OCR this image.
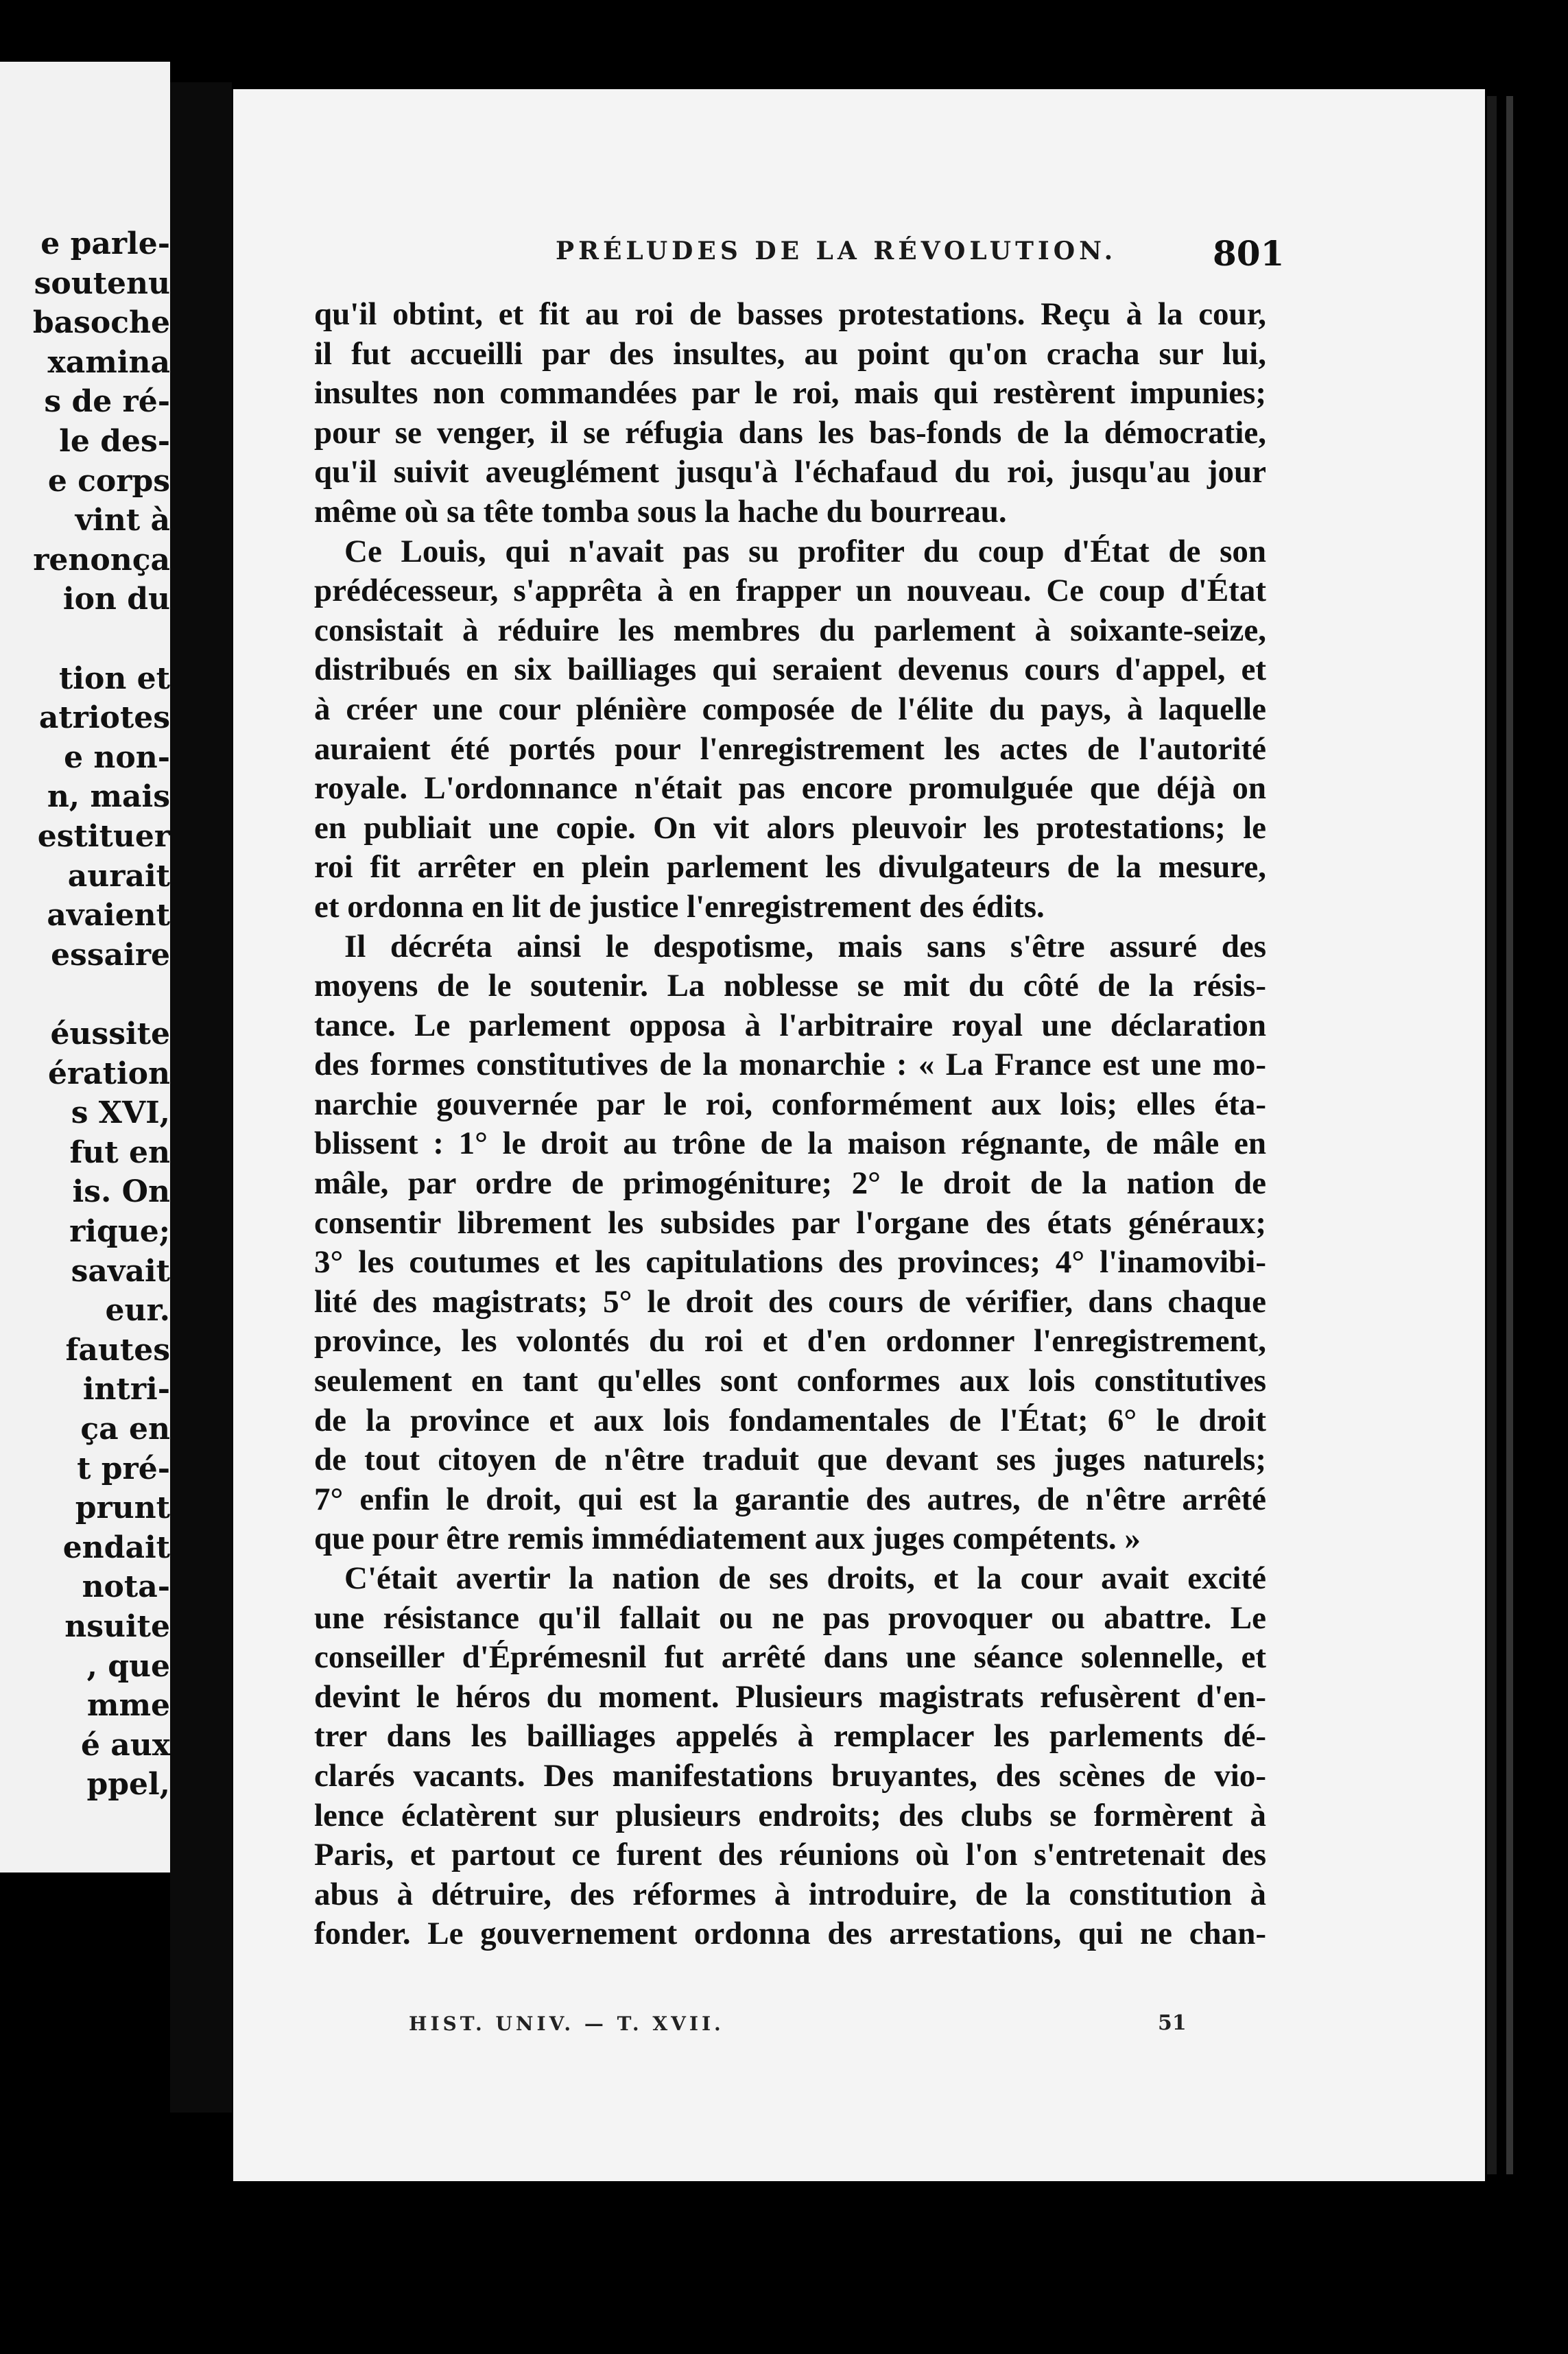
e parle-
soutenu
basoche
xamina
s de ré-
le des-
e corps
vint à
renonça
ion du
tion et
atriotes
e non-
n, mais
estituer
aurait
avaient
essaire
éussite
ération
s XVI,
fut en
is. On
rique;
savait
eur.
fautes
intri-
ça en
t pré-
prunt
endait
nota-
nsuite
, que
mme
é aux
ppel,
PRÉLUDES DE LA RÉVOLUTION.	801
qu'il obtint, et fit au roi de basses protestations. Reçu à la cour,
il fut accueilli par des insultes, au point qu'on cracha sur lui,
insultes non commandées par le roi, mais qui restèrent impunies;
pour se venger, il se réfugia dans les bas-fonds de la démocratie,
qu'il suivit aveuglément jusqu'à l'échafaud du roi, jusqu'au jour
même où sa tête tomba sous la hache du bourreau.
Ce Louis, qui n'avait pas su profiter du coup d'État de son
prédécesseur, s'apprêta à en frapper un nouveau. Ce coup d'État
consistait à réduire les membres du parlement à soixante-seize,
distribués en six bailliages qui seraient devenus cours d'appel, et
à créer une cour plénière composée de l'élite du pays, à laquelle
auraient été portés pour l'enregistrement les actes de l'autorité
royale. L'ordonnance n'était pas encore promulguée que déjà on
en publiait une copie. On vit alors pleuvoir les protestations; le
roi fit arrêter en plein parlement les divulgateurs de la mesure,
et ordonna en lit de justice l'enregistrement des édits.
Il décréta ainsi le despotisme, mais sans s'être assuré des
moyens de le soutenir. La noblesse se mit du côté de la résis-
tance. Le parlement opposa à l'arbitraire royal une déclaration
des formes constitutives de la monarchie : « La France est une mo-
narchie gouvernée par le roi, conformément aux lois; elles éta-
blissent : 1° le droit au trône de la maison régnante, de mâle en
mâle, par ordre de primogéniture; 2° le droit de la nation de
consentir librement les subsides par l'organe des états généraux;
3° les coutumes et les capitulations des provinces; 4° l'inamovibi-
lité des magistrats; 5° le droit des cours de vérifier, dans chaque
province, les volontés du roi et d'en ordonner l'enregistrement,
seulement en tant qu'elles sont conformes aux lois constitutives
de la province et aux lois fondamentales de l'État; 6° le droit
de tout citoyen de n'être traduit que devant ses juges naturels;
7° enfin le droit, qui est la garantie des autres, de n'être arrêté
que pour être remis immédiatement aux juges compétents. »
C'était avertir la nation de ses droits, et la cour avait excité
une résistance qu'il fallait ou ne pas provoquer ou abattre. Le
conseiller d'Éprémesnil fut arrêté dans une séance solennelle, et
devint le héros du moment. Plusieurs magistrats refusèrent d'en-
trer dans les bailliages appelés à remplacer les parlements dé-
clarés vacants. Des manifestations bruyantes, des scènes de vio-
lence éclatèrent sur plusieurs endroits; des clubs se formèrent à
Paris, et partout ce furent des réunions où l'on s'entretenait des
abus à détruire, des réformes à introduire, de la constitution à
fonder. Le gouvernement ordonna des arrestations, qui ne chan-
HIST. UNIV. — T. XVII.	51
